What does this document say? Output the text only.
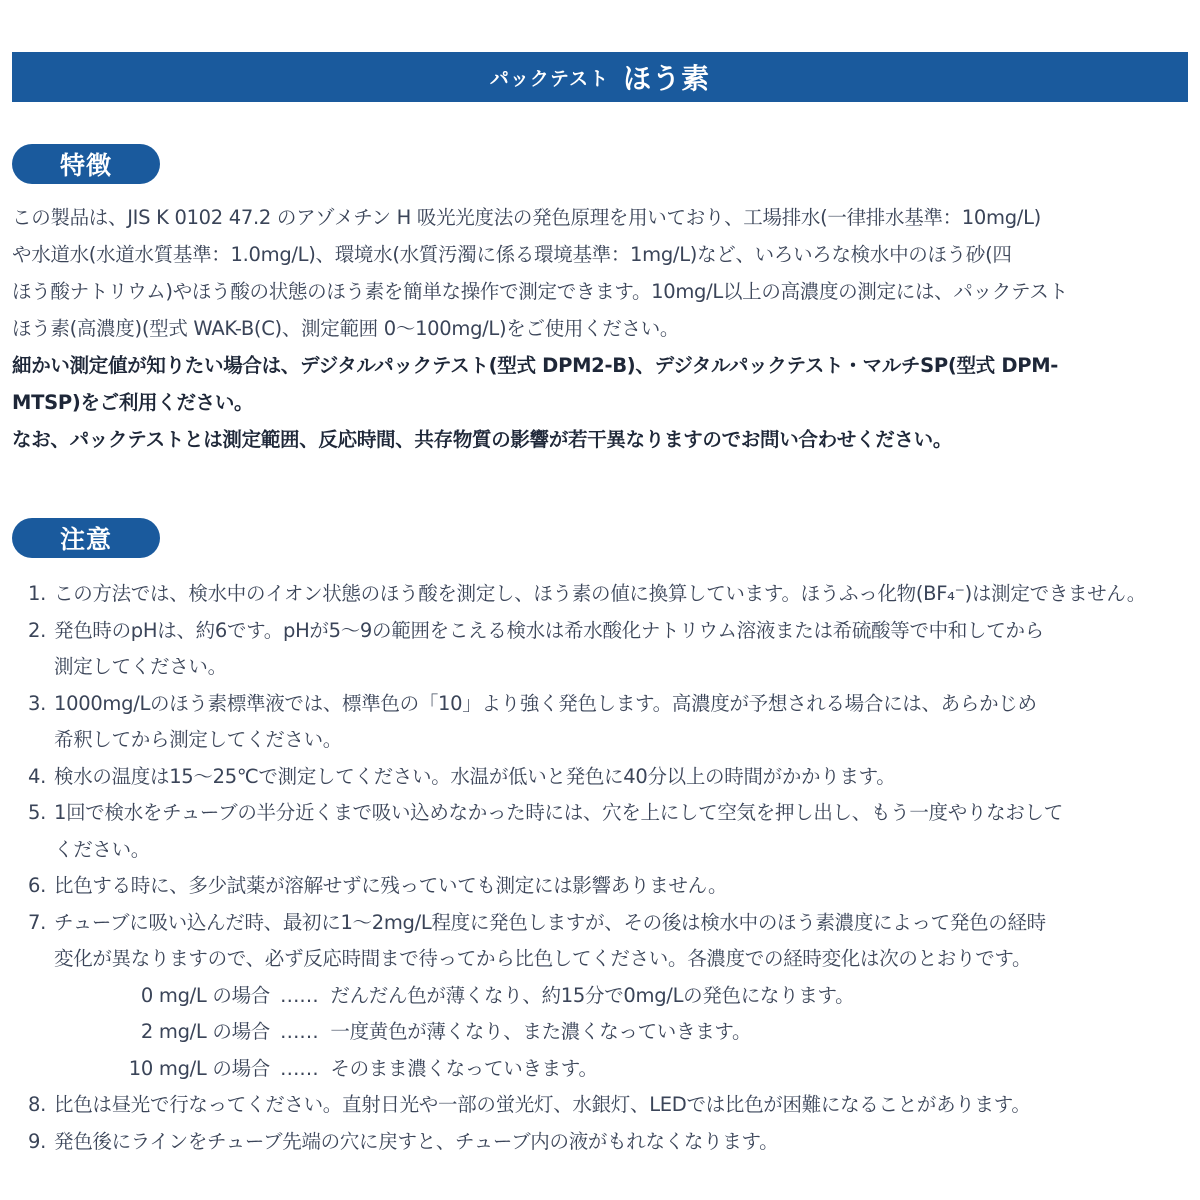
パックテスト ほう素
特徴
この製品は、JIS K 0102 47.2 のアゾメチン H 吸光光度法の発色原理を用いており、工場排水(一律排水基準：10mg/L)
や水道水(水道水質基準：1.0mg/L)、環境水(水質汚濁に係る環境基準：1mg/L)など、いろいろな検水中のほう砂(四
ほう酸ナトリウム)やほう酸の状態のほう素を簡単な操作で測定できます。10mg/L以上の高濃度の測定には、パックテスト
ほう素(高濃度)(型式 WAK-B(C)、測定範囲 0〜100mg/L)をご使用ください。
細かい測定値が知りたい場合は、デジタルパックテスト(型式 DPM2-B)、デジタルパックテスト・マルチSP(型式 DPM-
MTSP)をご利用ください。
なお、パックテストとは測定範囲、反応時間、共存物質の影響が若干異なりますのでお問い合わせください。
注意
1. この方法では、検水中のイオン状態のほう酸を測定し、ほう素の値に換算しています。ほうふっ化物(BF₄⁻)は測定できません。
2. 発色時のpHは、約6です。pHが5〜9の範囲をこえる検水は希水酸化ナトリウム溶液または希硫酸等で中和してから
測定してください。
3. 1000mg/Lのほう素標準液では、標準色の「10」より強く発色します。高濃度が予想される場合には、あらかじめ
希釈してから測定してください。
4. 検水の温度は15〜25℃で測定してください。水温が低いと発色に40分以上の時間がかかります。
5. 1回で検水をチューブの半分近くまで吸い込めなかった時には、穴を上にして空気を押し出し、もう一度やりなおして
ください。
6. 比色する時に、多少試薬が溶解せずに残っていても測定には影響ありません。
7. チューブに吸い込んだ時、最初に1〜2mg/L程度に発色しますが、その後は検水中のほう素濃度によって発色の経時
変化が異なりますので、必ず反応時間まで待ってから比色してください。各濃度での経時変化は次のとおりです。
0 mg/L の場合 …… だんだん色が薄くなり、約15分で0mg/Lの発色になります。
2 mg/L の場合 …… 一度黄色が薄くなり、また濃くなっていきます。
10 mg/L の場合 …… そのまま濃くなっていきます。
8. 比色は昼光で行なってください。直射日光や一部の蛍光灯、水銀灯、LEDでは比色が困難になることがあります。
9. 発色後にラインをチューブ先端の穴に戻すと、チューブ内の液がもれなくなります。
